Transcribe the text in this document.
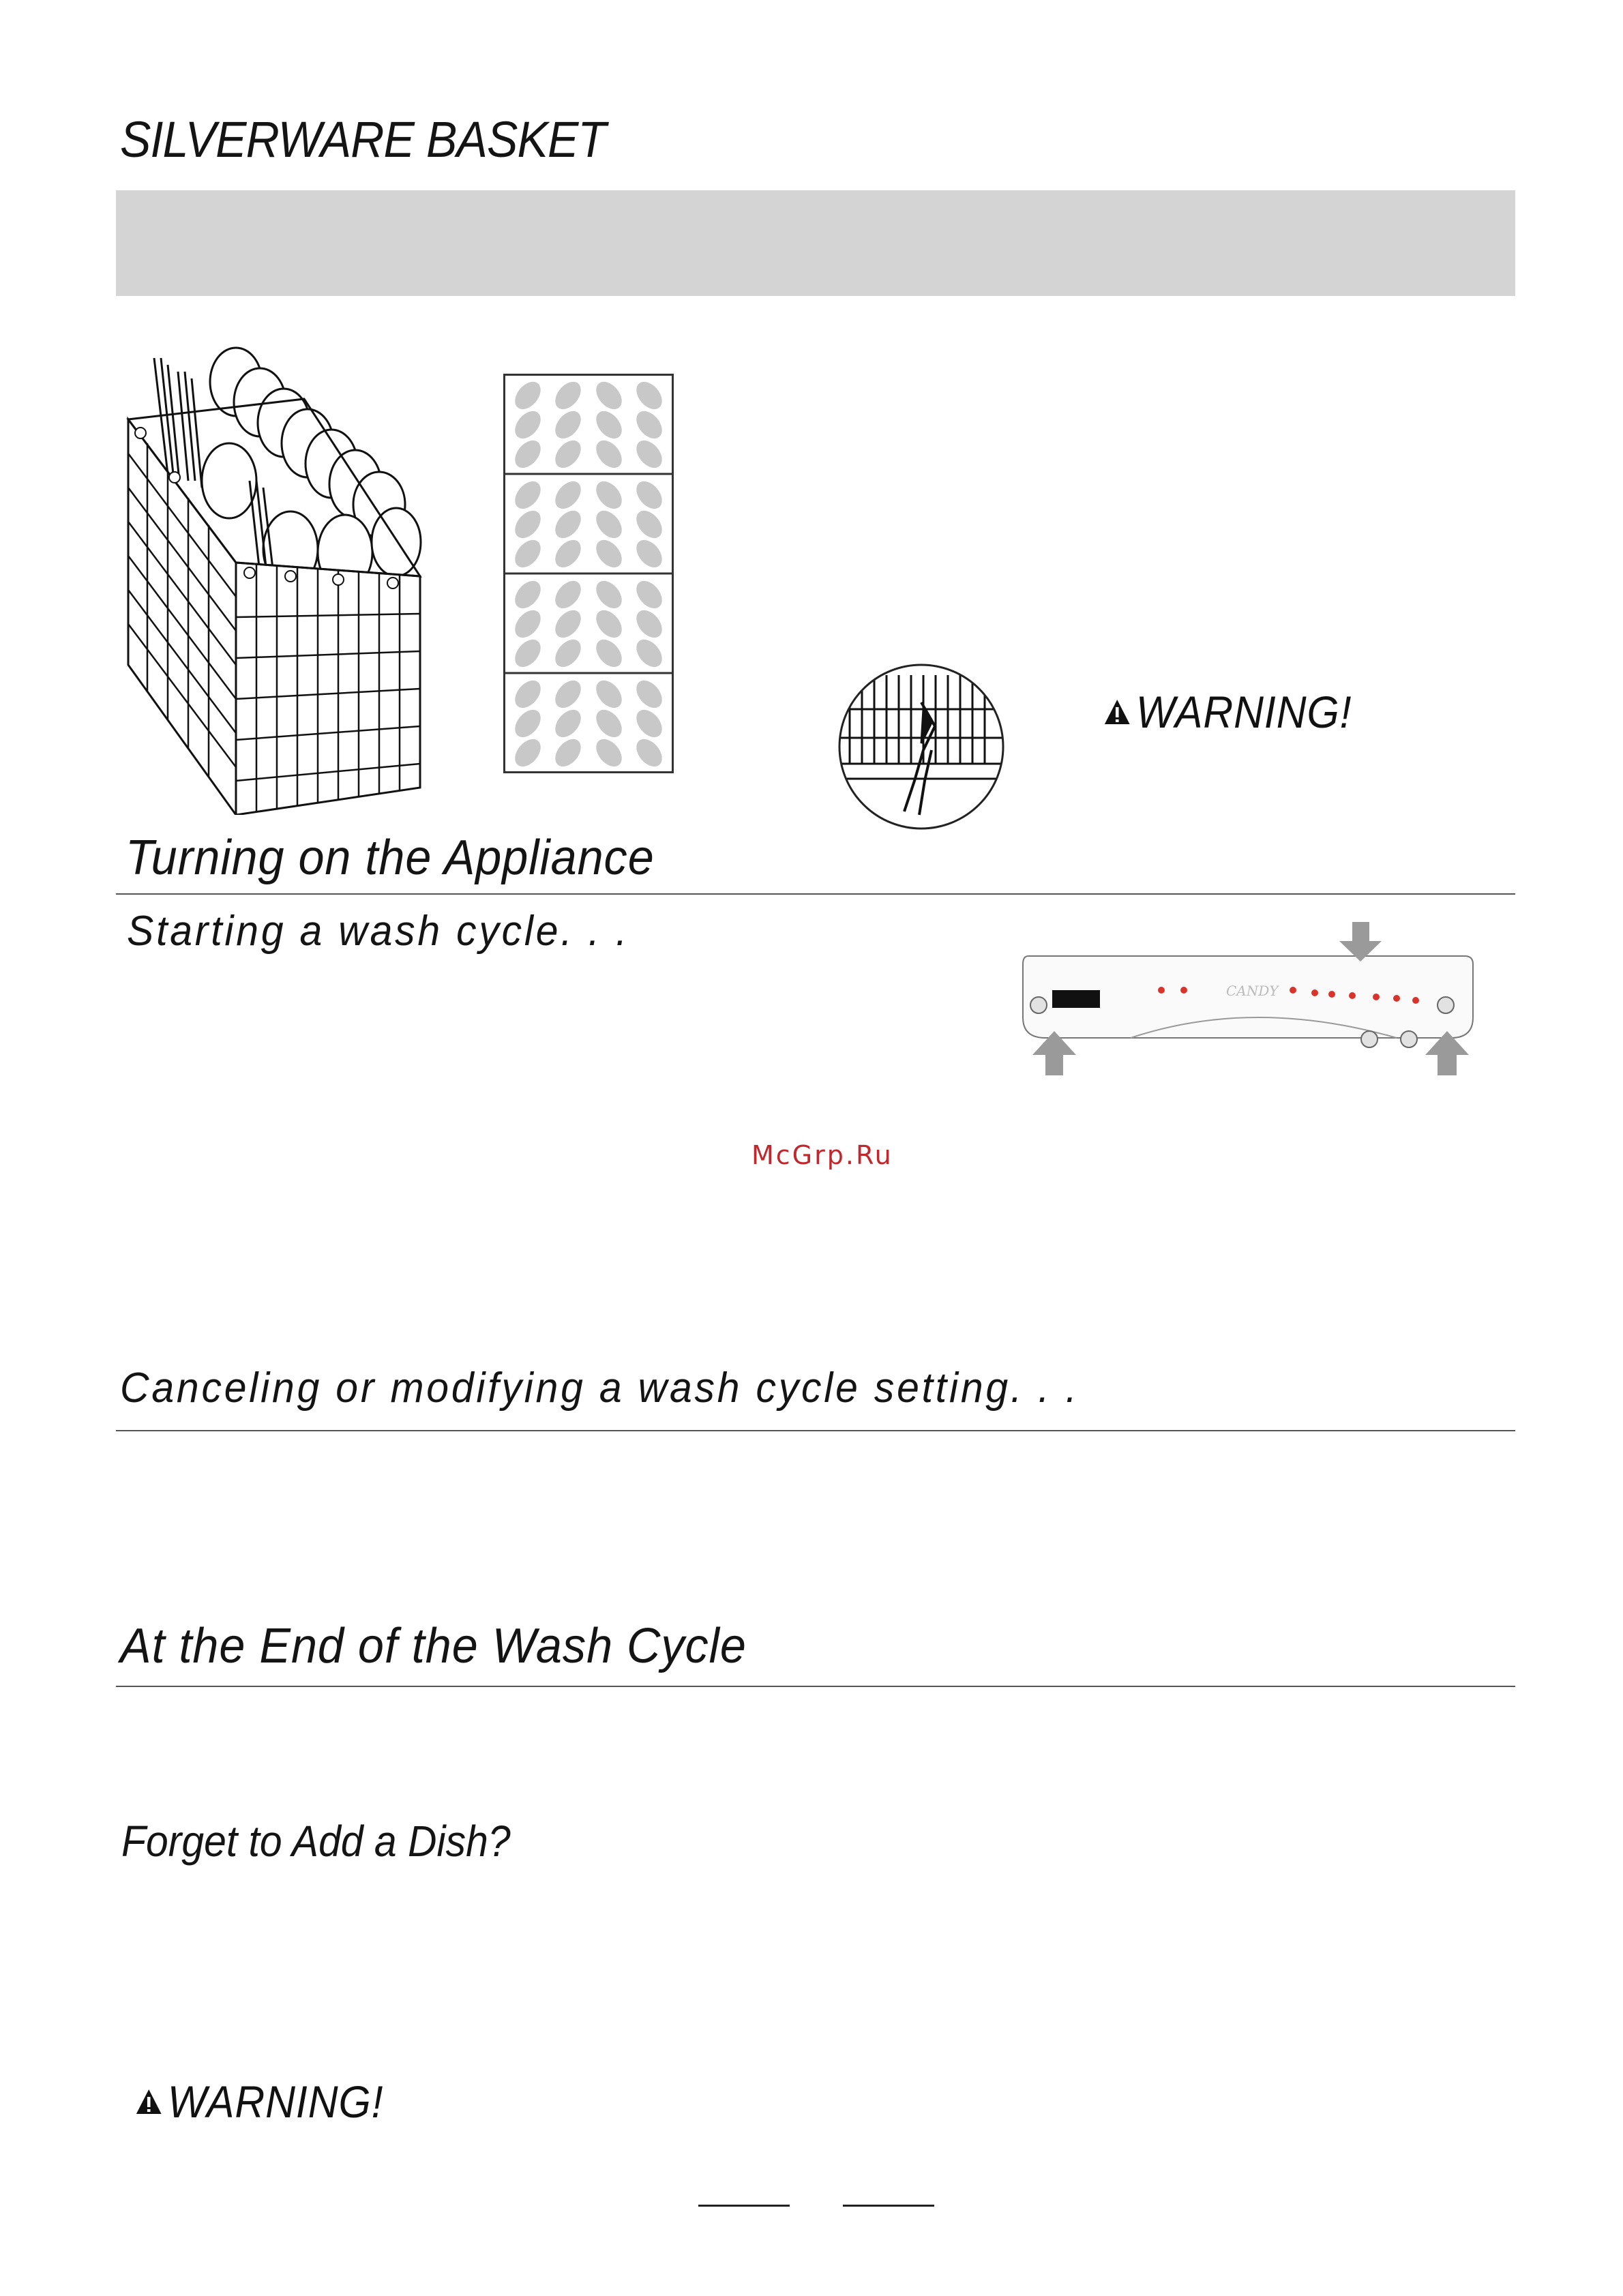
SILVERWARE BASKET
WARNING!
Turning on the Appliance
Starting a wash cycle. . .
CANDY
McGrp.Ru
Canceling or modifying a wash cycle setting. . .
At the End of the Wash Cycle
Forget to Add a Dish?
WARNING!
